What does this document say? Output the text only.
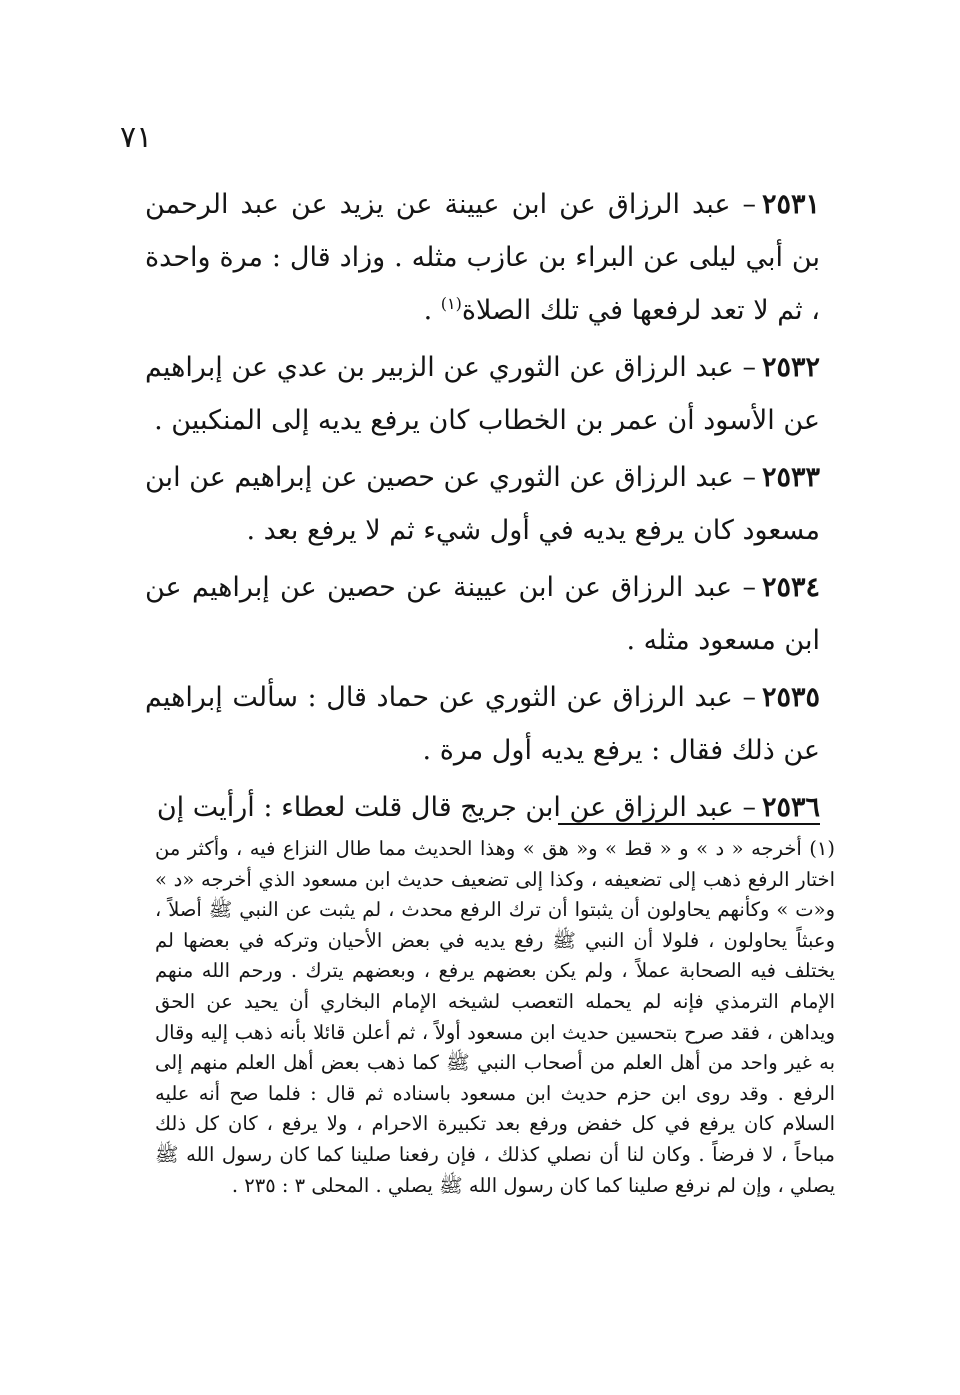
٧١

٢٥٣١– عبد الرزاق عن ابن عيينة عن يزيد عن عبد الرحمن بن أبي ليلى عن البراء بن عازب مثله . وزاد قال : مرة واحدة ، ثم لا تعد لرفعها في تلك الصلاة$^{(١)}$ .

٢٥٣٢– عبد الرزاق عن الثوري عن الزبير بن عدي عن إبراهيم عن الأسود أن عمر بن الخطاب كان يرفع يديه إلى المنكبين .

٢٥٣٣– عبد الرزاق عن الثوري عن حصين عن إبراهيم عن ابن مسعود كان يرفع يديه في أول شيء ثم لا يرفع بعد .

٢٥٣٤– عبد الرزاق عن ابن عيينة عن حصين عن إبراهيم عن ابن مسعود مثله .

٢٥٣٥– عبد الرزاق عن الثوري عن حماد قال : سألت إبراهيم عن ذلك فقال : يرفع يديه أول مرة .

٢٥٣٦– عبد الرزاق عن ابن جريج قال قلت لعطاء : أرأيت إن

(١) أخرجه « د » و « قط » و« هق » وهذا الحديث مما طال النزاع فيه ، وأكثر من اختار الرفع ذهب إلى تضعيفه ، وكذا إلى تضعيف حديث ابن مسعود الذي أخرجه «د » و«ت » وكأنهم يحاولون أن يثبتوا أن ترك الرفع محدث ، لم يثبت عن النبي ﷺ أصلاً ، وعبثاً يحاولون ، فلولا أن النبي ﷺ رفع يديه في بعض الأحيان وتركه في بعضها لم يختلف فيه الصحابة عملاً ، ولم يكن بعضهم يرفع ، وبعضهم يترك . ورحم الله منهم الإمام الترمذي فإنه لم يحمله التعصب لشيخه الإمام البخاري أن يحيد عن الحق ويداهن ، فقد صرح بتحسين حديث ابن مسعود أولاً ، ثم أعلن قائلا بأنه ذهب إليه وقال به غير واحد من أهل العلم من أصحاب النبي ﷺ كما ذهب بعض أهل العلم منهم إلى الرفع . وقد روى ابن حزم حديث ابن مسعود باسناده ثم قال : فلما صح أنه عليه السلام كان يرفع في كل خفض ورفع بعد تكبيرة الاحرام ، ولا يرفع ، كان كل ذلك مباحاً ، لا فرضاً . وكان لنا أن نصلي كذلك ، فإن رفعنا صلينا كما كان رسول الله ﷺ يصلي ، وإن لم نرفع صلينا كما كان رسول الله ﷺ يصلي . المحلى ٣ : ٢٣٥ .
